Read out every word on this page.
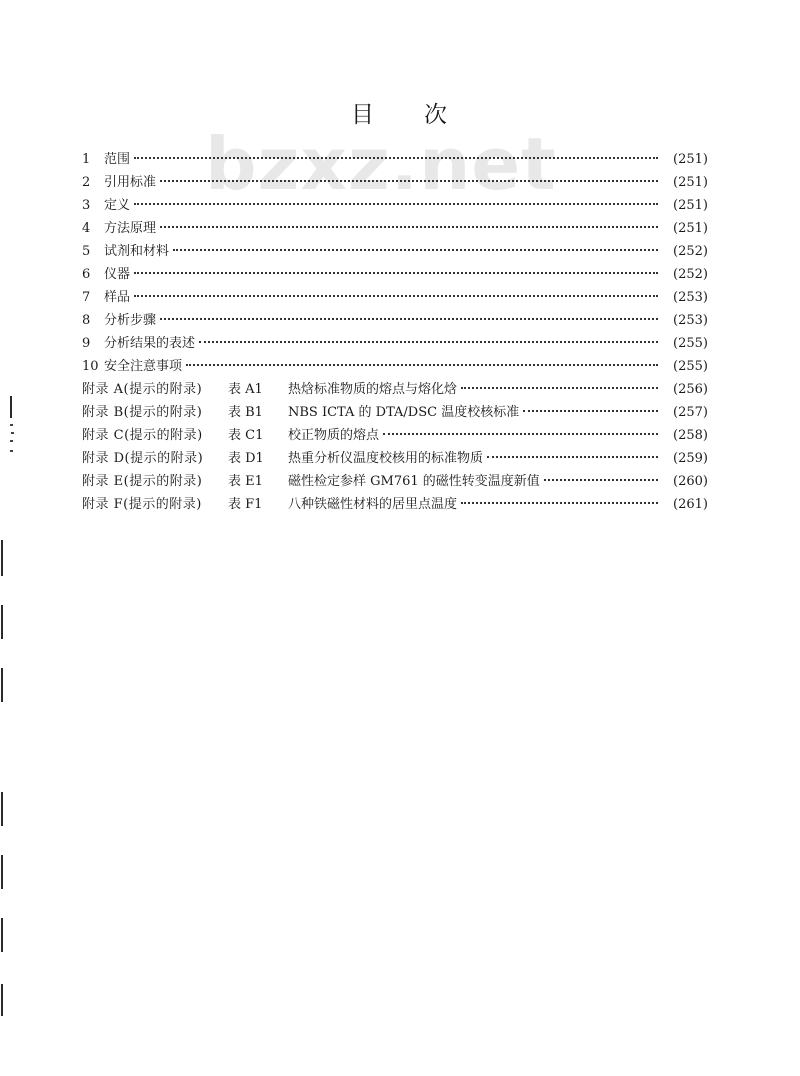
目 次
bzxz.net
1	范围	(251)
2	引用标准	(251)
3	定义	(251)
4	方法原理	(251)
5	试剂和材料	(252)
6	仪器	(252)
7	样品	(253)
8	分析步骤	(253)
9	分析结果的表述	(255)
10 安全注意事项	(255)
附录 A(提示的附录)	表 A1	热焓标准物质的熔点与熔化焓	(256)
附录 B(提示的附录)	表 B1	NBS ICTA 的 DTA/DSC 温度校核标准	(257)
附录 C(提示的附录)	表 C1	校正物质的熔点	(258)
附录 D(提示的附录)	表 D1	热重分析仪温度校核用的标准物质	(259)
附录 E(提示的附录)	表 E1	磁性检定参样 GM761 的磁性转变温度新值	(260)
附录 F(提示的附录)	表 F1	八种铁磁性材料的居里点温度	(261)
